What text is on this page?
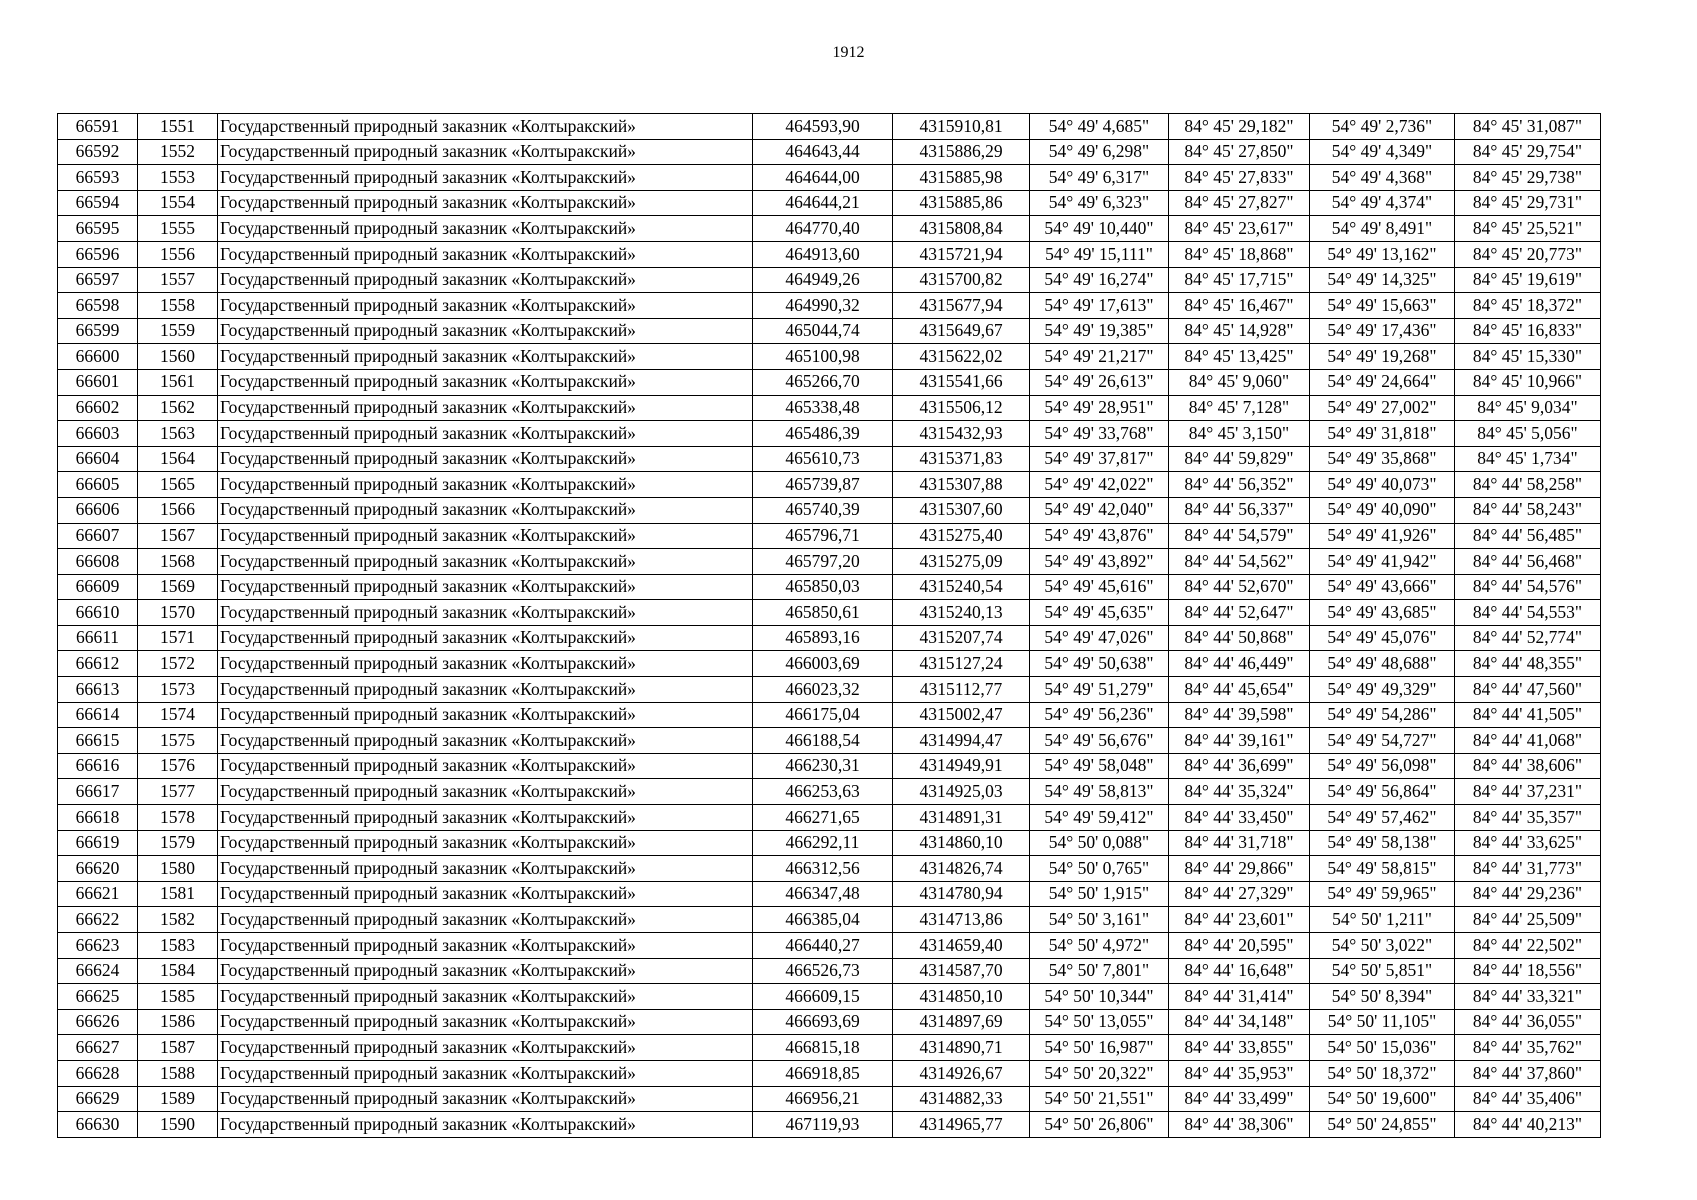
1912
66591	1551	Государственный природный заказник «Колтыракский»	464593,90	4315910,81	54° 49' 4,685"	84° 45' 29,182"	54° 49' 2,736"	84° 45' 31,087"
66592	1552	Государственный природный заказник «Колтыракский»	464643,44	4315886,29	54° 49' 6,298"	84° 45' 27,850"	54° 49' 4,349"	84° 45' 29,754"
66593	1553	Государственный природный заказник «Колтыракский»	464644,00	4315885,98	54° 49' 6,317"	84° 45' 27,833"	54° 49' 4,368"	84° 45' 29,738"
66594	1554	Государственный природный заказник «Колтыракский»	464644,21	4315885,86	54° 49' 6,323"	84° 45' 27,827"	54° 49' 4,374"	84° 45' 29,731"
66595	1555	Государственный природный заказник «Колтыракский»	464770,40	4315808,84	54° 49' 10,440"	84° 45' 23,617"	54° 49' 8,491"	84° 45' 25,521"
66596	1556	Государственный природный заказник «Колтыракский»	464913,60	4315721,94	54° 49' 15,111"	84° 45' 18,868"	54° 49' 13,162"	84° 45' 20,773"
66597	1557	Государственный природный заказник «Колтыракский»	464949,26	4315700,82	54° 49' 16,274"	84° 45' 17,715"	54° 49' 14,325"	84° 45' 19,619"
66598	1558	Государственный природный заказник «Колтыракский»	464990,32	4315677,94	54° 49' 17,613"	84° 45' 16,467"	54° 49' 15,663"	84° 45' 18,372"
66599	1559	Государственный природный заказник «Колтыракский»	465044,74	4315649,67	54° 49' 19,385"	84° 45' 14,928"	54° 49' 17,436"	84° 45' 16,833"
66600	1560	Государственный природный заказник «Колтыракский»	465100,98	4315622,02	54° 49' 21,217"	84° 45' 13,425"	54° 49' 19,268"	84° 45' 15,330"
66601	1561	Государственный природный заказник «Колтыракский»	465266,70	4315541,66	54° 49' 26,613"	84° 45' 9,060"	54° 49' 24,664"	84° 45' 10,966"
66602	1562	Государственный природный заказник «Колтыракский»	465338,48	4315506,12	54° 49' 28,951"	84° 45' 7,128"	54° 49' 27,002"	84° 45' 9,034"
66603	1563	Государственный природный заказник «Колтыракский»	465486,39	4315432,93	54° 49' 33,768"	84° 45' 3,150"	54° 49' 31,818"	84° 45' 5,056"
66604	1564	Государственный природный заказник «Колтыракский»	465610,73	4315371,83	54° 49' 37,817"	84° 44' 59,829"	54° 49' 35,868"	84° 45' 1,734"
66605	1565	Государственный природный заказник «Колтыракский»	465739,87	4315307,88	54° 49' 42,022"	84° 44' 56,352"	54° 49' 40,073"	84° 44' 58,258"
66606	1566	Государственный природный заказник «Колтыракский»	465740,39	4315307,60	54° 49' 42,040"	84° 44' 56,337"	54° 49' 40,090"	84° 44' 58,243"
66607	1567	Государственный природный заказник «Колтыракский»	465796,71	4315275,40	54° 49' 43,876"	84° 44' 54,579"	54° 49' 41,926"	84° 44' 56,485"
66608	1568	Государственный природный заказник «Колтыракский»	465797,20	4315275,09	54° 49' 43,892"	84° 44' 54,562"	54° 49' 41,942"	84° 44' 56,468"
66609	1569	Государственный природный заказник «Колтыракский»	465850,03	4315240,54	54° 49' 45,616"	84° 44' 52,670"	54° 49' 43,666"	84° 44' 54,576"
66610	1570	Государственный природный заказник «Колтыракский»	465850,61	4315240,13	54° 49' 45,635"	84° 44' 52,647"	54° 49' 43,685"	84° 44' 54,553"
66611	1571	Государственный природный заказник «Колтыракский»	465893,16	4315207,74	54° 49' 47,026"	84° 44' 50,868"	54° 49' 45,076"	84° 44' 52,774"
66612	1572	Государственный природный заказник «Колтыракский»	466003,69	4315127,24	54° 49' 50,638"	84° 44' 46,449"	54° 49' 48,688"	84° 44' 48,355"
66613	1573	Государственный природный заказник «Колтыракский»	466023,32	4315112,77	54° 49' 51,279"	84° 44' 45,654"	54° 49' 49,329"	84° 44' 47,560"
66614	1574	Государственный природный заказник «Колтыракский»	466175,04	4315002,47	54° 49' 56,236"	84° 44' 39,598"	54° 49' 54,286"	84° 44' 41,505"
66615	1575	Государственный природный заказник «Колтыракский»	466188,54	4314994,47	54° 49' 56,676"	84° 44' 39,161"	54° 49' 54,727"	84° 44' 41,068"
66616	1576	Государственный природный заказник «Колтыракский»	466230,31	4314949,91	54° 49' 58,048"	84° 44' 36,699"	54° 49' 56,098"	84° 44' 38,606"
66617	1577	Государственный природный заказник «Колтыракский»	466253,63	4314925,03	54° 49' 58,813"	84° 44' 35,324"	54° 49' 56,864"	84° 44' 37,231"
66618	1578	Государственный природный заказник «Колтыракский»	466271,65	4314891,31	54° 49' 59,412"	84° 44' 33,450"	54° 49' 57,462"	84° 44' 35,357"
66619	1579	Государственный природный заказник «Колтыракский»	466292,11	4314860,10	54° 50' 0,088"	84° 44' 31,718"	54° 49' 58,138"	84° 44' 33,625"
66620	1580	Государственный природный заказник «Колтыракский»	466312,56	4314826,74	54° 50' 0,765"	84° 44' 29,866"	54° 49' 58,815"	84° 44' 31,773"
66621	1581	Государственный природный заказник «Колтыракский»	466347,48	4314780,94	54° 50' 1,915"	84° 44' 27,329"	54° 49' 59,965"	84° 44' 29,236"
66622	1582	Государственный природный заказник «Колтыракский»	466385,04	4314713,86	54° 50' 3,161"	84° 44' 23,601"	54° 50' 1,211"	84° 44' 25,509"
66623	1583	Государственный природный заказник «Колтыракский»	466440,27	4314659,40	54° 50' 4,972"	84° 44' 20,595"	54° 50' 3,022"	84° 44' 22,502"
66624	1584	Государственный природный заказник «Колтыракский»	466526,73	4314587,70	54° 50' 7,801"	84° 44' 16,648"	54° 50' 5,851"	84° 44' 18,556"
66625	1585	Государственный природный заказник «Колтыракский»	466609,15	4314850,10	54° 50' 10,344"	84° 44' 31,414"	54° 50' 8,394"	84° 44' 33,321"
66626	1586	Государственный природный заказник «Колтыракский»	466693,69	4314897,69	54° 50' 13,055"	84° 44' 34,148"	54° 50' 11,105"	84° 44' 36,055"
66627	1587	Государственный природный заказник «Колтыракский»	466815,18	4314890,71	54° 50' 16,987"	84° 44' 33,855"	54° 50' 15,036"	84° 44' 35,762"
66628	1588	Государственный природный заказник «Колтыракский»	466918,85	4314926,67	54° 50' 20,322"	84° 44' 35,953"	54° 50' 18,372"	84° 44' 37,860"
66629	1589	Государственный природный заказник «Колтыракский»	466956,21	4314882,33	54° 50' 21,551"	84° 44' 33,499"	54° 50' 19,600"	84° 44' 35,406"
66630	1590	Государственный природный заказник «Колтыракский»	467119,93	4314965,77	54° 50' 26,806"	84° 44' 38,306"	54° 50' 24,855"	84° 44' 40,213"
